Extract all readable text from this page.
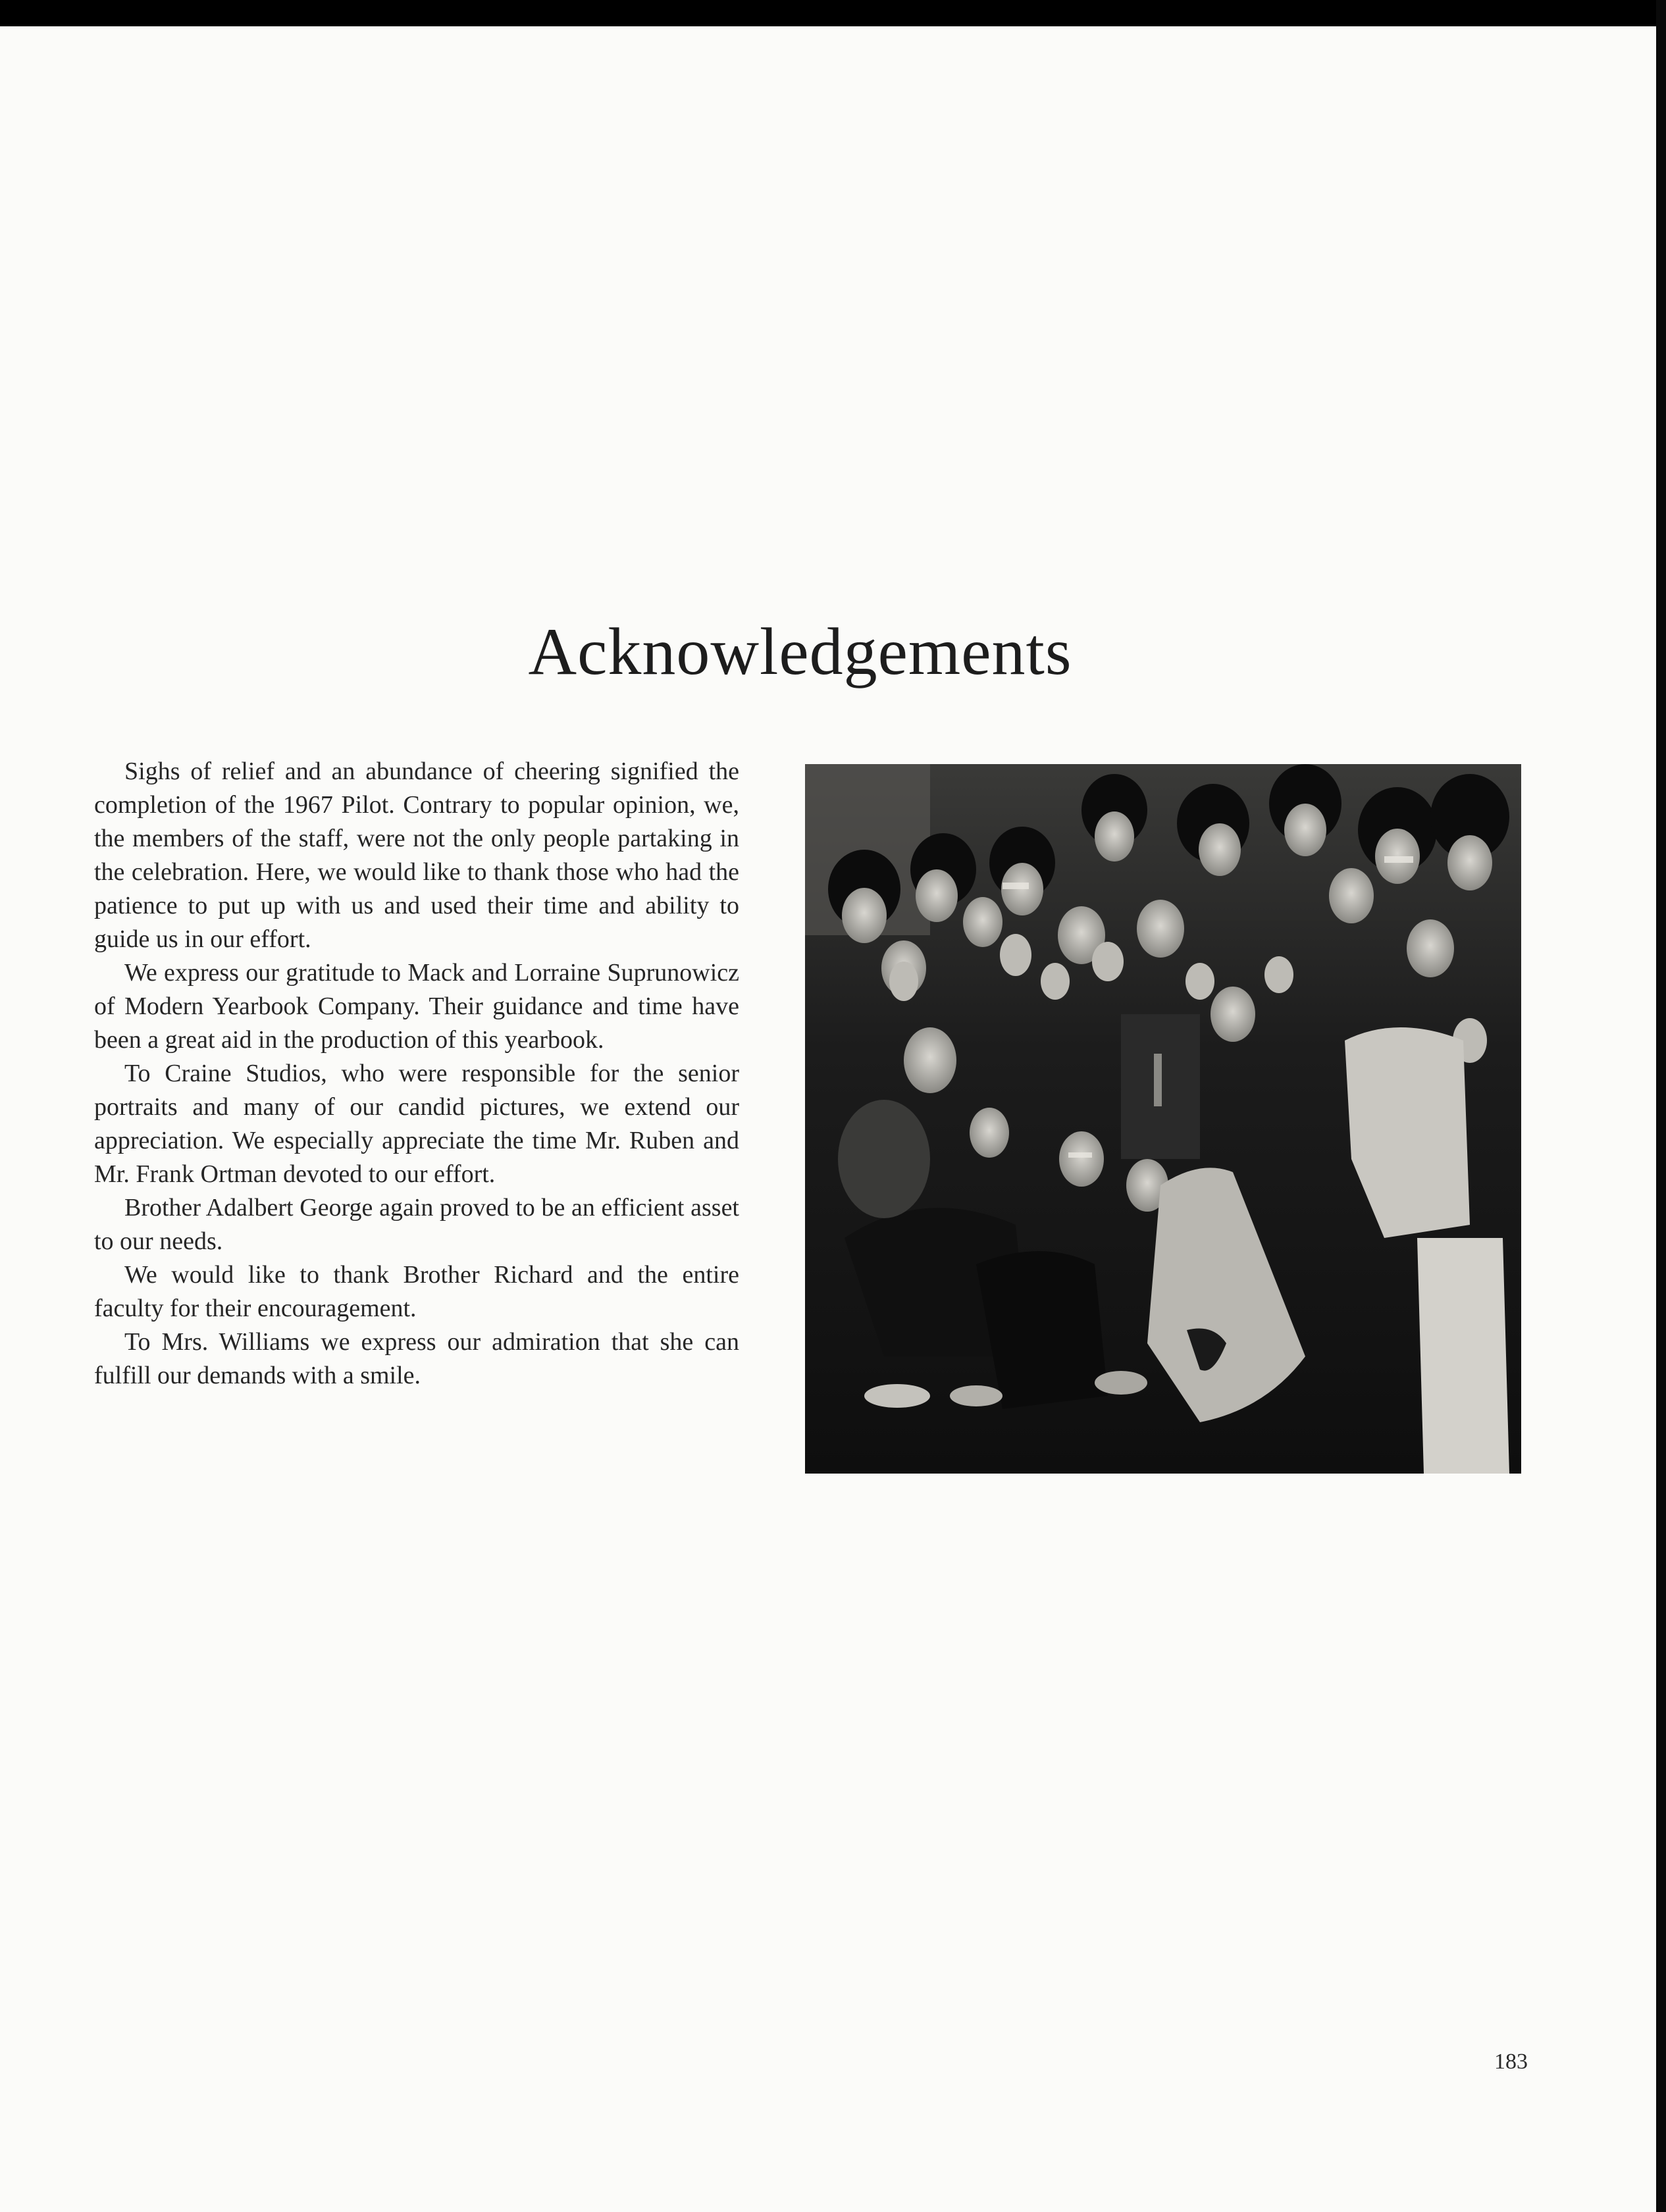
Acknowledgements

Sighs of relief and an abundance of cheering signified the completion of the 1967 Pilot. Contrary to popular opinion, we, the members of the staff, were not the only people partaking in the celebration. Here, we would like to thank those who had the patience to put up with us and used their time and ability to guide us in our effort.

We express our gratitude to Mack and Lorraine Suprunowicz of Modern Yearbook Company. Their guidance and time have been a great aid in the production of this yearbook.

To Craine Studios, who were responsible for the senior portraits and many of our candid pictures, we extend our appreciation. We especially appreciate the time Mr. Ruben and Mr. Frank Ortman devoted to our effort.

Brother Adalbert George again proved to be an efficient asset to our needs.

We would like to thank Brother Richard and the entire faculty for their encouragement.

To Mrs. Williams we express our admiration that she can fulfill our demands with a smile.

183
